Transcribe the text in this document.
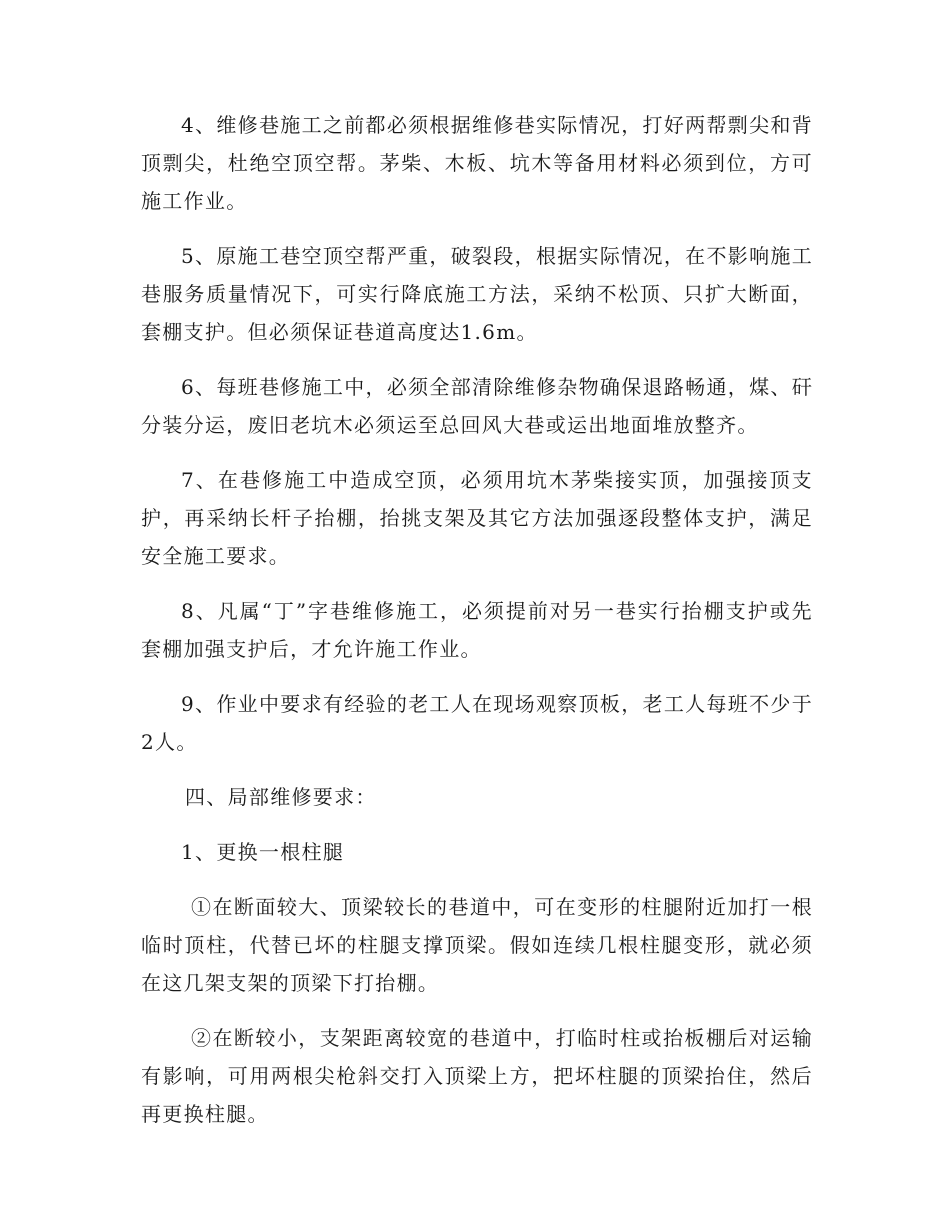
4、维修巷施工之前都必须根据维修巷实际情况，打好两帮剽尖和背顶剽尖，杜绝空顶空帮。茅柴、木板、坑木等备用材料必须到位，方可施工作业。

5、原施工巷空顶空帮严重，破裂段，根据实际情况，在不影响施工巷服务质量情况下，可实行降底施工方法，采纳不松顶、只扩大断面，套棚支护。但必须保证巷道高度达1.6m。

6、每班巷修施工中，必须全部清除维修杂物确保退路畅通，煤、矸分装分运，废旧老坑木必须运至总回风大巷或运出地面堆放整齐。

7、在巷修施工中造成空顶，必须用坑木茅柴接实顶，加强接顶支护，再采纳长杆子抬棚，抬挑支架及其它方法加强逐段整体支护，满足安全施工要求。

8、凡属“丁”字巷维修施工，必须提前对另一巷实行抬棚支护或先套棚加强支护后，才允许施工作业。

9、作业中要求有经验的老工人在现场观察顶板，老工人每班不少于2人。

四、局部维修要求：

1、更换一根柱腿

①在断面较大、顶梁较长的巷道中，可在变形的柱腿附近加打一根临时顶柱，代替已坏的柱腿支撑顶梁。假如连续几根柱腿变形，就必须在这几架支架的顶梁下打抬棚。

②在断较小，支架距离较宽的巷道中，打临时柱或抬板棚后对运输有影响，可用两根尖枪斜交打入顶梁上方，把坏柱腿的顶梁抬住，然后再更换柱腿。
